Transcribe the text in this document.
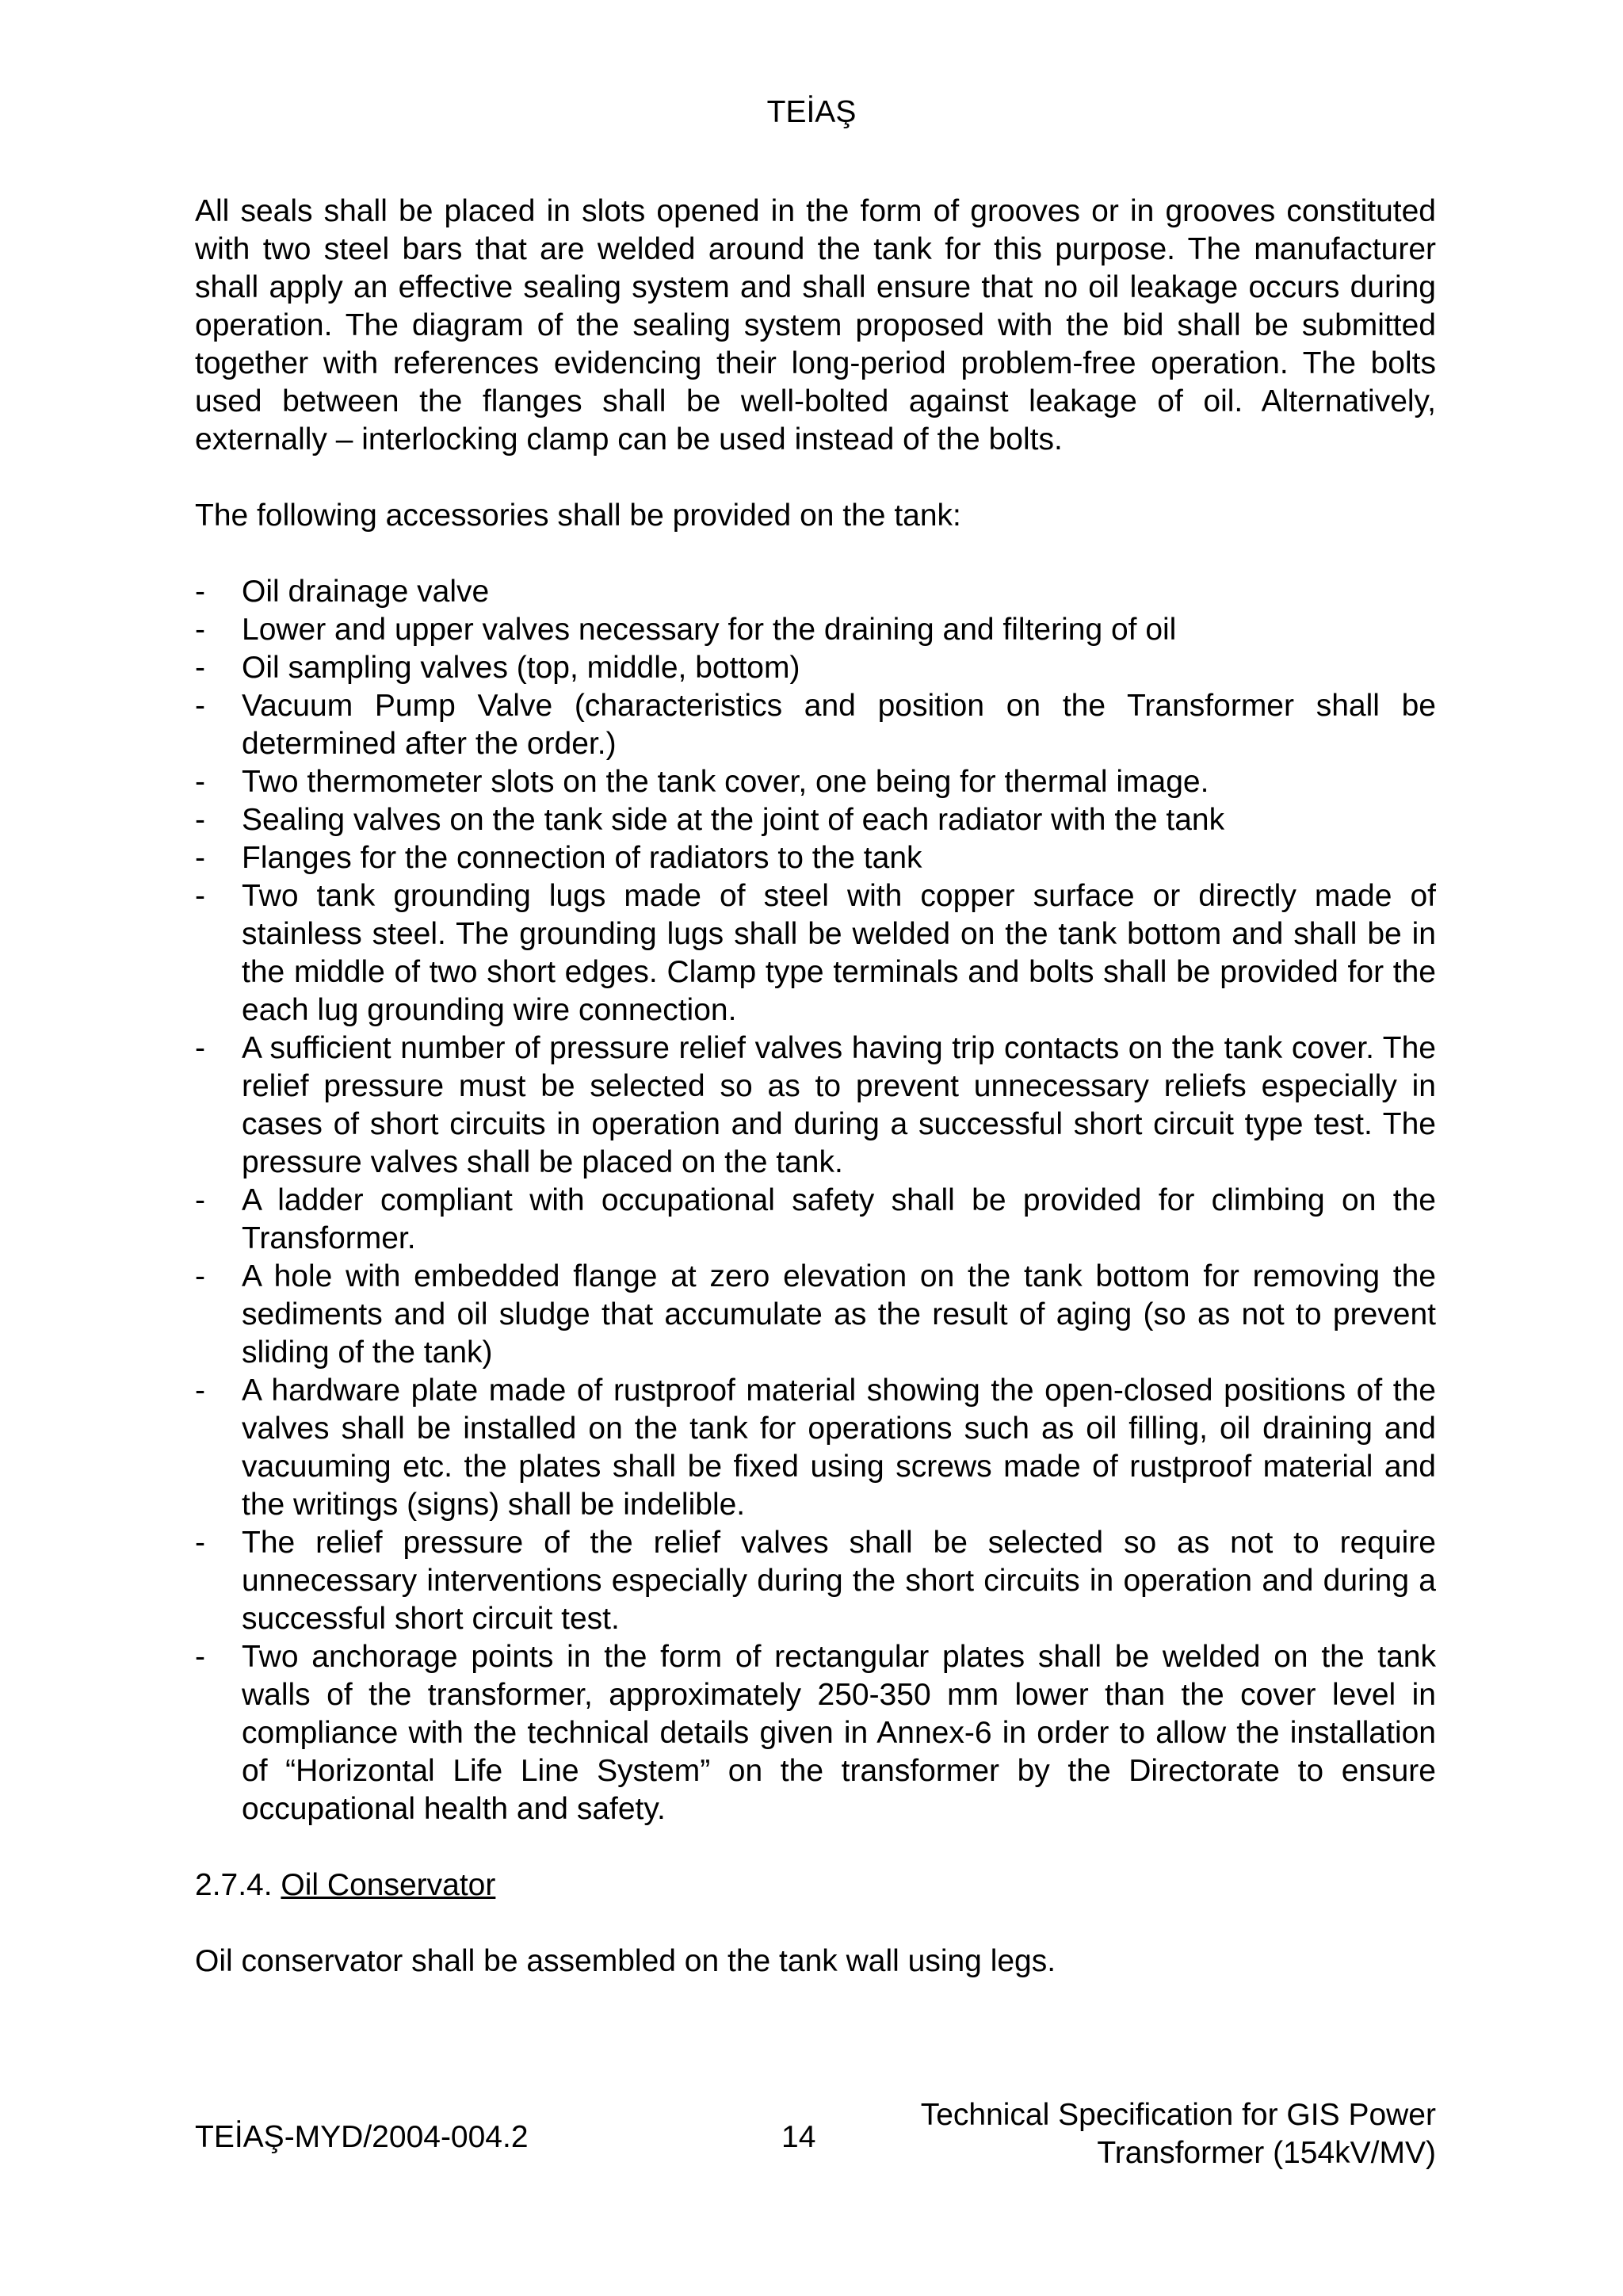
TEİAŞ

All seals shall be placed in slots opened in the form of grooves or in grooves constituted with two steel bars that are welded around the tank for this purpose. The manufacturer shall apply an effective sealing system and shall ensure that no oil leakage occurs during operation. The diagram of the sealing system proposed with the bid shall be submitted together with references evidencing their long-period problem-free operation. The bolts used between the flanges shall be well-bolted against leakage of oil. Alternatively, externally – interlocking clamp can be used instead of the bolts.

The following accessories shall be provided on the tank:

- Oil drainage valve
- Lower and upper valves necessary for the draining and filtering of oil
- Oil sampling valves (top, middle, bottom)
- Vacuum Pump Valve (characteristics and position on the Transformer shall be determined after the order.)
- Two thermometer slots on the tank cover, one being for thermal image.
- Sealing valves on the tank side at the joint of each radiator with the tank
- Flanges for the connection of radiators to the tank
- Two tank grounding lugs made of steel with copper surface or directly made of stainless steel. The grounding lugs shall be welded on the tank bottom and shall be in the middle of two short edges. Clamp type terminals and bolts shall be provided for the each lug grounding wire connection.
- A sufficient number of pressure relief valves having trip contacts on the tank cover. The relief pressure must be selected so as to prevent unnecessary reliefs especially in cases of short circuits in operation and during a successful short circuit type test. The pressure valves shall be placed on the tank.
- A ladder compliant with occupational safety shall be provided for climbing on the Transformer.
- A hole with embedded flange at zero elevation on the tank bottom for removing the sediments and oil sludge that accumulate as the result of aging (so as not to prevent sliding of the tank)
- A hardware plate made of rustproof material showing the open-closed positions of the valves shall be installed on the tank for operations such as oil filling, oil draining and vacuuming etc. the plates shall be fixed using screws made of rustproof material and the writings (signs) shall be indelible.
- The relief pressure of the relief valves shall be selected so as not to require unnecessary interventions especially during the short circuits in operation and during a successful short circuit test.
- Two anchorage points in the form of rectangular plates shall be welded on the tank walls of the transformer, approximately 250-350 mm lower than the cover level in compliance with the technical details given in Annex-6 in order to allow the installation of “Horizontal Life Line System” on the transformer by the Directorate to ensure occupational health and safety.
2.7.4. Oil Conservator

Oil conservator shall be assembled on the tank wall using legs.

TEİAŞ-MYD/2004-004.2	14
Technical Specification for GIS Power
Transformer (154kV/MV)
